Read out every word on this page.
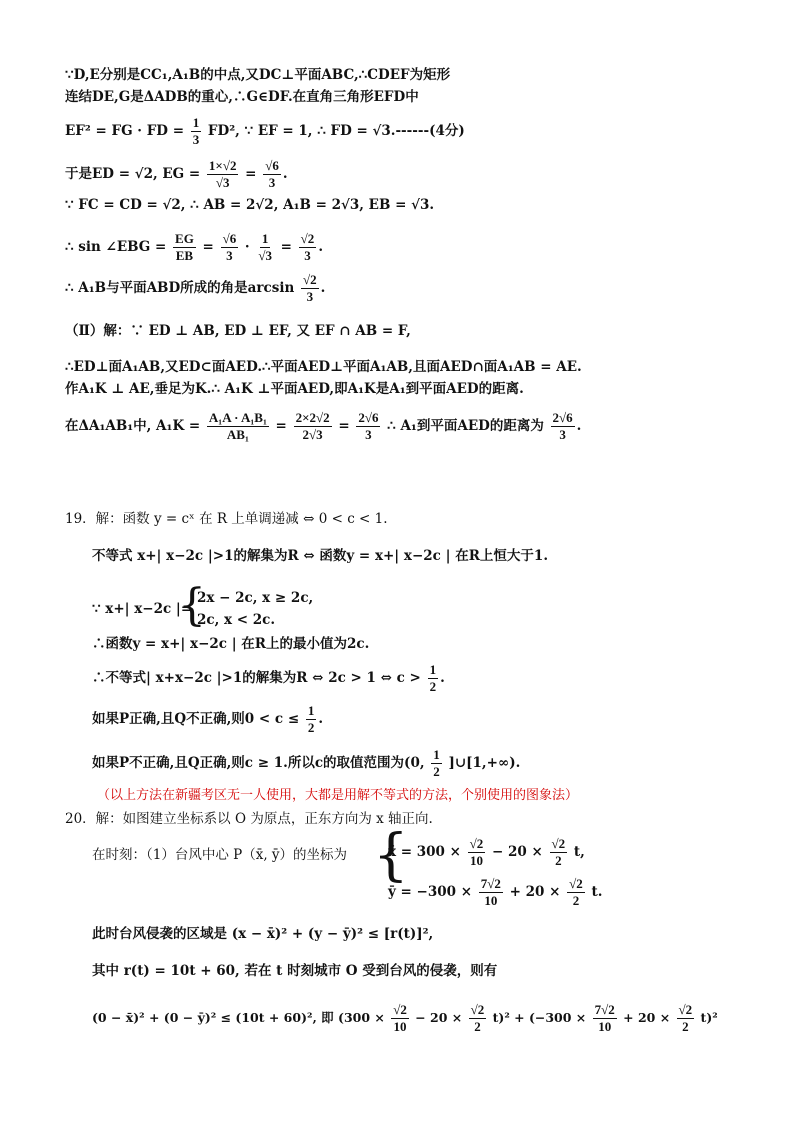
∵D,E分别是CC₁,A₁B的中点,又DC⊥平面ABC,∴CDEF为矩形
连结DE,G是ΔADB的重心,∴G∈DF.在直角三角形EFD中
EF² = FG · FD = $\frac{1}{3} FD^2$, ∵ EF = 1, ∴ FD = √3.------(4分)
于是ED = √2, EG = $\frac{1\times√2}{√3} = \frac{√6}{3}$ .
∵ FC = CD = √2, ∴ AB = 2√2, A₁B = 2√3, EB = √3.
∴ sin ∠EBG = $\frac{EG}{EB} = \frac{√6}{3} \cdot \frac{1}{√3} = \frac{√2}{3}$ .
∴ A₁B与平面ABD所成的角是$\arcsin \frac{√2}{3}$ .
（Ⅱ）解：∵ ED ⊥ AB, ED ⊥ EF, 又 EF ∩ AB = F,
∴ED⊥面A₁AB,又ED⊂面AED.∴平面AED⊥平面A₁AB,且面AED∩面A₁AB = AE.
作A₁K ⊥ AE,垂足为K.∴ A₁K ⊥平面AED,即A₁K是A₁到平面AED的距离.
在ΔA₁AB₁中, $A_1K = \frac{\text{A₁A · A₁B₁}}{\text{AB₁}} = \frac{2\times 2√2}{2√3} = \frac{2√6}{3}$ ∴ A₁到平面AED的距离为 $\frac{2√6}{3}$ .
19．解：函数 y = cˣ 在 R 上单调递减 ⇔ 0 < c < 1.
不等式 x+| x−2c |>1的解集为R ⇔ 函数y = x+| x−2c | 在R上恒大于1.
∵ x+| x−2c |=
{
2x − 2c, x ≥ 2c,
2c, x < 2c.
∴函数y = x+| x−2c | 在R上的最小值为2c.
∴不等式| x+x−2c |>1的解集为R ⇔ 2c > 1 ⇔ $c > \frac{1}{2}$ .
如果P正确,且Q不正确,则$0 < c \le \frac{1}{2}$ .
如果P不正确,且Q正确,则c ≥ 1.所以c的取值范围为(0, $\frac{1}{2}$ ]∪[1,+∞).
（以上方法在新疆考区无一人使用，大都是用解不等式的方法，个别使用的图象法）
20．解：如图建立坐标系以 O 为原点，正东方向为 x 轴正向.
在时刻：（1）台风中心 P（x̄, ȳ）的坐标为 {
x̄ = $300 \times \frac{√2}{10} - 20 \times \frac{√2}{2} t$,
ȳ = $-300 \times \frac{7√2}{10} + 20 \times \frac{√2}{2} t$.
此时台风侵袭的区域是 (x − x̄)² + (y − ȳ)² ≤ [r(t)]²,
其中 r(t) = 10t + 60, 若在 t 时刻城市 O 受到台风的侵袭，则有
(0 − x̄)² + (0 − ȳ)² ≤ (10t + 60)², 即 $(300 \times \frac{√2}{10} - 20 \times \frac{√2}{2} t)^2 + (-300 \times \frac{7√2}{10} + 20 \times \frac{√2}{2} t)^2$
